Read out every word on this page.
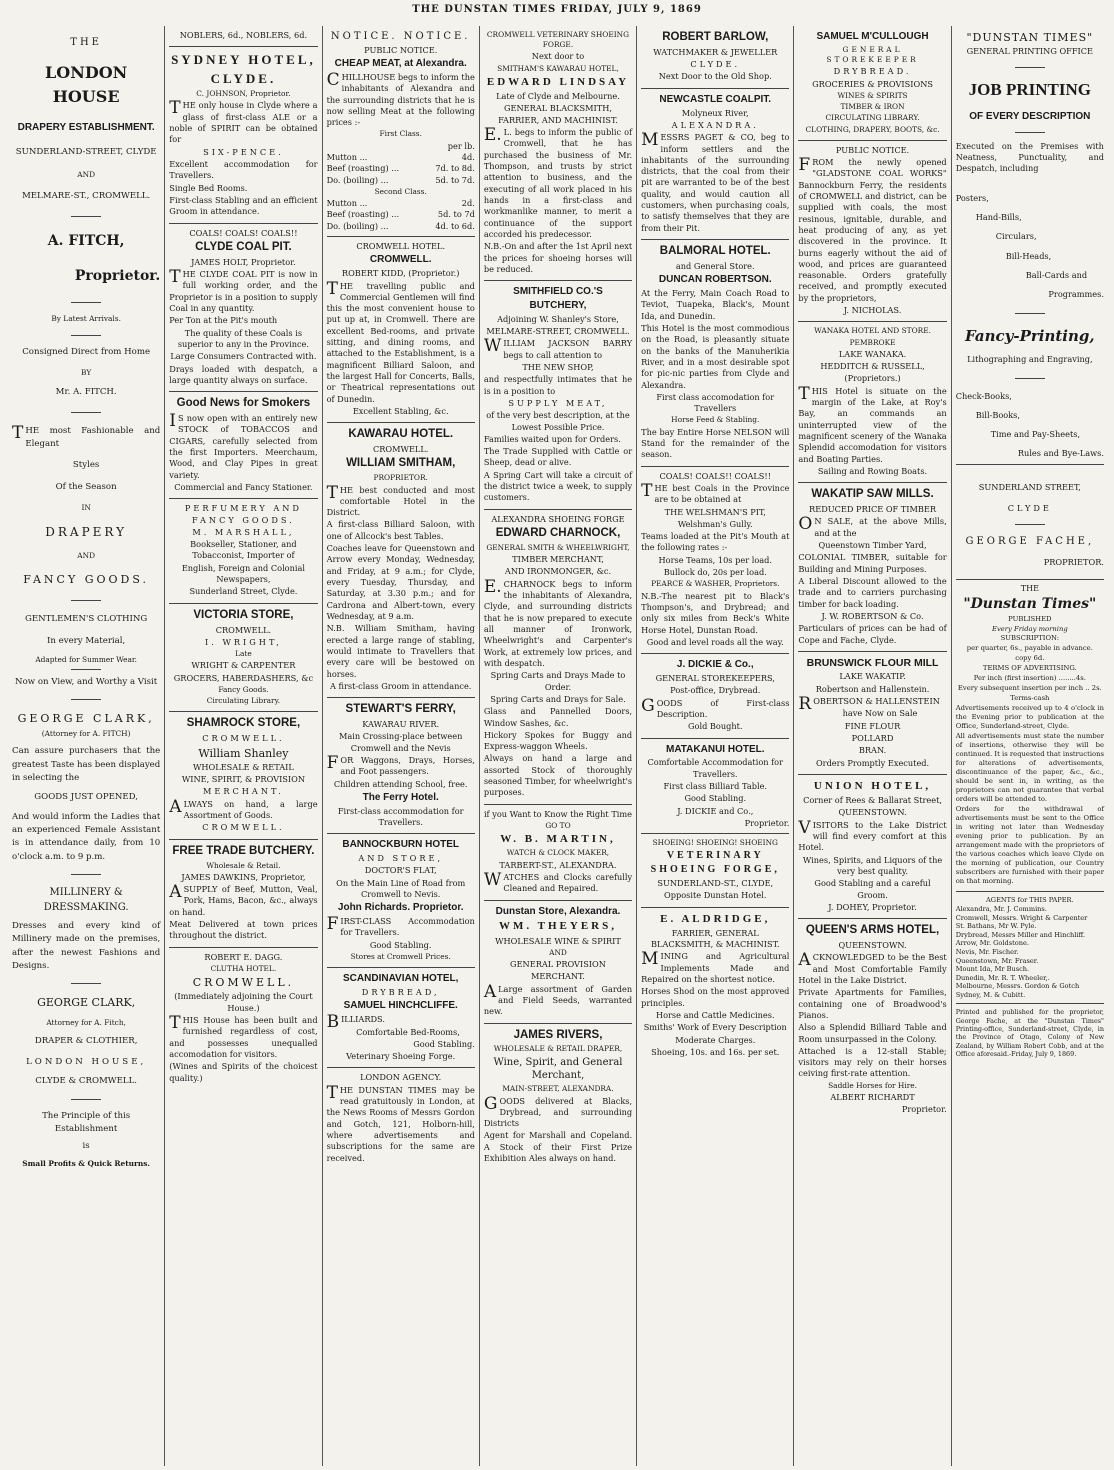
THE DUNSTAN TIMES FRIDAY, JULY 9, 1869

THE

LONDON HOUSE

DRAPERY ESTABLISHMENT.

SUNDERLAND-STREET, CLYDE

AND

MELMARE-ST., CROMWELL.

A. FITCH,

Proprietor.

By Latest Arrivals.

Consigned Direct from Home

BY

Mr. A. FITCH.

THE most Fashionable and Elegant

Styles

Of the Season

IN

DRAPERY

AND

FANCY GOODS.

GENTLEMEN'S CLOTHING

In every Material,

Adapted for Summer Wear.

Now on View, and Worthy a Visit

GEORGE CLARK,

(Attorney for A. FITCH)

Can assure purchasers that the greatest Taste has been displayed in selecting the

GOODS JUST OPENED,

And would inform the Ladies that an experienced Female Assistant is in attendance daily, from 10 o'clock a.m. to 9 p.m.

MILLINERY & DRESSMAKING.

Dresses and every kind of Millinery made on the premises, after the newest Fashions and Designs.

GEORGE CLARK,

Attorney for A. Fitch,

DRAPER & CLOTHIER,

LONDON HOUSE,

CLYDE & CROMWELL.

The Principle of this Establishment

is

Small Profits & Quick Returns.

NOBLERS, 6d., NOBLERS, 6d.

SYDNEY HOTEL,

CLYDE.

C. JOHNSON, Proprietor.

THE only house in Clyde where a glass of first-class ALE or a noble of SPIRIT can be obtained for

SIX-PENCE.

Excellent accommodation for Travellers.

Single Bed Rooms.

First-class Stabling and an efficient Groom in attendance.

COALS! COALS! COALS!!

CLYDE COAL PIT.

JAMES HOLT, Proprietor.

THE CLYDE COAL PIT is now in full working order, and the Proprietor is in a position to supply Coal in any quantity.

Per Ton at the Pit's mouth

The quality of these Coals is superior to any in the Province.

Large Consumers Contracted with.

Drays loaded with despatch, a large quantity always on surface.

Good News for Smokers

IS now open with an entirely new STOCK of TOBACCOS and CIGARS, carefully selected from the first Importers. Meerchaum, Wood, and Clay Pipes in great variety.

Commercial and Fancy Stationer.

PERFUMERY AND FANCY GOODS.

M. MARSHALL,

Bookseller, Stationer, and Tobacconist, Importer of

English, Foreign and Colonial Newspapers,

Sunderland Street, Clyde.

VICTORIA STORE,

CROMWELL.

I. WRIGHT,

Late

WRIGHT & CARPENTER

GROCERS, HABERDASHERS, &c

Fancy Goods.

Circulating Library.

SHAMROCK STORE,

CROMWELL.

William Shanley

WHOLESALE & RETAIL

WINE, SPIRIT, & PROVISION

MERCHANT.

ALWAYS on hand, a large Assortment of Goods.

CROMWELL.

FREE TRADE BUTCHERY.

Wholesale & Retail.

JAMES DAWKINS, Proprietor,

ASUPPLY of Beef, Mutton, Veal, Pork, Hams, Bacon, &c., always on hand.

Meat Delivered at town prices throughout the district.

ROBERT E. DAGG.

CLUTHA HOTEL.

CROMWELL.

(Immediately adjoining the Court House.)

THIS House has been built and furnished regardless of cost, and possesses unequalled accomodation for visitors.

(Wines and Spirits of the choicest quality.)

NOTICE. NOTICE.

PUBLIC NOTICE.

CHEAP MEAT, at Alexandra.

CHILLHOUSE begs to inform the inhabitants of Alexandra and the surrounding districts that he is now selling Meat at the following prices :-

First Class.

per lb.

Mutton ...	4d.
Beef (roasting) ...	7d. to 8d.
Do. (boiling) ...	5d. to 7d.

Second Class.

Mutton ...	2d.
Beef (roasting) ...	5d. to 7d
Do. (boiling) ...	4d. to 6d.

CROMWELL HOTEL.

CROMWELL.

ROBERT KIDD, (Proprietor.)

THE travelling public and Commercial Gentlemen will find this the most convenient house to put up at, in Cromwell. There are excellent Bed-rooms, and private sitting, and dining rooms, and attached to the Establishment, is a magnificent Billiard Saloon, and the largest Hall for Concerts, Balls, or Theatrical representations out of Dunedin.

Excellent Stabling, &c.

KAWARAU HOTEL.

CROMWELL.

WILLIAM SMITHAM,

PROPRIETOR.

THE best conducted and most comfortable Hotel in the District.

A first-class Billiard Saloon, with one of Allcock's best Tables.

Coaches leave for Queenstown and Arrow every Monday, Wednesday, and Friday, at 9 a.m.; for Clyde, every Tuesday, Thursday, and Saturday, at 3.30 p.m.; and for Cardrona and Albert-town, every Wednesday, at 9 a.m.

N.B. William Smitham, having erected a large range of stabling, would intimate to Travellers that every care will be bestowed on horses.

A first-class Groom in attendance.

STEWART'S FERRY,

KAWARAU RIVER.

Main Crossing-place between Cromwell and the Nevis

FOR Waggons, Drays, Horses, and Foot passengers.

Children attending School, free.

The Ferry Hotel.

First-class accommodation for Travellers.

BANNOCKBURN HOTEL

AND STORE,

DOCTOR'S FLAT,

On the Main Line of Road from Cromwell to Nevis.

John Richards. Proprietor.

FIRST-CLASS Accommodation for Travellers.

Good Stabling.

Stores at Cromwell Prices.

SCANDINAVIAN HOTEL,

DRYBREAD,

SAMUEL HINCHCLIFFE.

BILLIARDS.

Comfortable Bed-Rooms,

Good Stabling.

Veterinary Shoeing Forge.

LONDON AGENCY.

THE DUNSTAN TIMES may be read gratuitously in London, at the News Rooms of Messrs Gordon and Gotch, 121, Holborn-hill, where advertisements and subscriptions for the same are received.

CROMWELL VETERINARY SHOEING FORGE.

Next door to

SMITHAM'S KAWARAU HOTEL,

EDWARD LINDSAY

Late of Clyde and Melbourne.

GENERAL BLACKSMITH, FARRIER, AND MACHINIST.

E.L. begs to inform the public of Cromwell, that he has purchased the business of Mr. Thompson, and trusts by strict attention to business, and the executing of all work placed in his hands in a first-class and workmanlike manner, to merit a continuance of the support accorded his predecessor.

N.B.-On and after the 1st April next the prices for shoeing horses will be reduced.

SMITHFIELD CO.'S BUTCHERY,

Adjoining W. Shanley's Store,

MELMARE-STREET, CROMWELL.

WILLIAM JACKSON BARRY begs to call attention to

THE NEW SHOP,

and respectfully intimates that he is in a position to

SUPPLY MEAT,

of the very best description, at the Lowest Possible Price.

Families waited upon for Orders.

The Trade Supplied with Cattle or Sheep, dead or alive.

A Spring Cart will take a circuit of the district twice a week, to supply customers.

ALEXANDRA SHOEING FORGE

EDWARD CHARNOCK,

GENERAL SMITH & WHEELWRIGHT,

TIMBER MERCHANT,

AND IRONMONGER, &c.

E.CHARNOCK begs to inform the inhabitants of Alexandra, Clyde, and surrounding districts that he is now prepared to execute all manner of Ironwork, Wheelwright's and Carpenter's Work, at extremely low prices, and with despatch.

Spring Carts and Drays Made to Order.

Spring Carts and Drays for Sale.

Glass and Pannelled Doors, Window Sashes, &c.

Hickory Spokes for Buggy and Express-waggon Wheels.

Always on hand a large and assorted Stock of thoroughly seasoned Timber, for wheelwright's purposes.

if you Want to Know the Right Time

GO TO

W. B. MARTIN,

WATCH & CLOCK MAKER,

TARBERT-ST., ALEXANDRA.

WATCHES and Clocks carefully Cleaned and Repaired.

Dunstan Store, Alexandra.

WM. THEYERS,

WHOLESALE WINE & SPIRIT

AND

GENERAL PROVISION

MERCHANT.

ALarge assortment of Garden and Field Seeds, warranted new.

JAMES RIVERS,

WHOLESALE & RETAIL DRAPER,

Wine, Spirit, and General Merchant,

MAIN-STREET, ALEXANDRA.

GOODS delivered at Blacks, Drybread, and surrounding Districts

Agent for Marshall and Copeland. A Stock of their First Prize Exhibition Ales always on hand.

ROBERT BARLOW,

WATCHMAKER & JEWELLER

CLYDE.

Next Door to the Old Shop.

NEWCASTLE COALPIT.

Molyneux River,

ALEXANDRA.

MESSRS PAGET & CO, beg to inform settlers and the inhabitants of the surrounding districts, that the coal from their pit are warranted to be of the best quality, and would caution all customers, when purchasing coals, to satisfy themselves that they are from their Pit.

BALMORAL HOTEL.

and General Store.

DUNCAN ROBERTSON.

At the Ferry, Main Coach Road to Teviot, Tuapeka, Black's, Mount Ida, and Dunedin.

This Hotel is the most commodious on the Road, is pleasantly situate on the banks of the Manuherikia River, and in a most desirable spot for pic-nic parties from Clyde and Alexandra.

First class accomodation for Travellers

Horse Feed & Stabling.

The bay Entire Horse NELSON will Stand for the remainder of the season.

COALS! COALS!! COALS!!

THE best Coals in the Province are to be obtained at

THE WELSHMAN'S PIT,

Welshman's Gully.

Teams loaded at the Pit's Mouth at the following rates :-

Horse Teams, 10s per load.

Bullock do, 20s per load.

PEARCE & WASHER, Proprietors.

N.B.-The nearest pit to Black's Thompson's, and Drybread; and only six miles from Beck's White Horse Hotel, Dunstan Road.

Good and level roads all the way.

J. DICKIE & Co.,

GENERAL STOREKEEPERS,

Post-office, Drybread.

GOODS of First-class Description.

Gold Bought.

MATAKANUI HOTEL.

Comfortable Accommodation for Travellers.

First class Billiard Table.

Good Stabling.

J. DICKIE and Co.,

Proprietor.

SHOEING! SHOEING! SHOEING

VETERINARY SHOEING FORGE,

SUNDERLAND-ST., CLYDE,

Opposite Dunstan Hotel.

E. ALDRIDGE,

FARRIER, GENERAL BLACKSMITH, & MACHINIST.

MINING and Agricultural Implements Made and Repaired on the shortest notice.

Horses Shod on the most approved principles.

Horse and Cattle Medicines.

Smiths' Work of Every Description

Moderate Charges.

Shoeing, 10s. and 16s. per set.

SAMUEL M'CULLOUGH

GENERAL STOREKEEPER

DRYBREAD.

GROCERIES & PROVISIONS

WINES & SPIRITS

TIMBER & IRON

CIRCULATING LIBRARY.

CLOTHING, DRAPERY, BOOTS, &c.

PUBLIC NOTICE.

FROM the newly opened "GLADSTONE COAL WORKS" Bannockburn Ferry, the residents of CROMWELL and district, can be supplied with coals, the most resinous, ignitable, durable, and heat producing of any, as yet discovered in the province. It burns eagerly without the aid of wood, and prices are guaranteed reasonable. Orders gratefully received, and promptly executed by the proprietors,

J. NICHOLAS.

WANAKA HOTEL AND STORE.

PEMBROKE

LAKE WANAKA.

HEDDITCH & RUSSELL,

(Proprietors.)

THIS Hotel is situate on the margin of the Lake, at Roy's Bay, an commands an uninterrupted view of the magnificent scenery of the Wanaka Splendid accomodation for visitors and Boating Parties.

Sailing and Rowing Boats.

WAKATIP SAW MILLS.

REDUCED PRICE OF TIMBER

ON SALE, at the above Mills, and at the

Queenstown Timber Yard,

COLONIAL TIMBER, suitable for Building and Mining Purposes.

A Liberal Discount allowed to the trade and to carriers purchasing timber for back loading.

J. W. ROBERTSON & Co.

Particulars of prices can be had of Cope and Fache, Clyde.

BRUNSWICK FLOUR MILL

LAKE WAKATIP.

Robertson and Hallenstein.

ROBERTSON & HALLENSTEIN

have Now on Sale

FINE FLOUR

POLLARD

BRAN.

Orders Promptly Executed.

UNION HOTEL,

Corner of Rees & Ballarat Street,

QUEENSTOWN.

VISITORS to the Lake District will find every comfort at this Hotel.

Wines, Spirits, and Liquors of the very best quality.

Good Stabling and a careful Groom.

J. DOHEY, Proprietor.

QUEEN'S ARMS HOTEL,

QUEENSTOWN.

ACKNOWLEDGED to be the Best and Most Comfortable Family Hotel in the Lake District.

Private Apartments for Families, containing one of Broadwood's Pianos.

Also a Splendid Billiard Table and Room unsurpassed in the Colony.

Attached is a 12-stall Stable; visitors may rely on their horses ceiving first-rate attention.

Saddle Horses for Hire.

ALBERT RICHARDT

Proprietor.

"DUNSTAN TIMES"

GENERAL PRINTING OFFICE

JOB PRINTING

OF EVERY DESCRIPTION

Executed on the Premises with Neatness, Punctuality, and Despatch, including

Posters,

Hand-Bills,

Circulars,

Bill-Heads,

Ball-Cards and

Programmes.

Fancy-Printing,

Lithographing and Engraving,

Check-Books,

Bill-Books,

Time and Pay-Sheets,

Rules and Bye-Laws.

SUNDERLAND STREET,

CLYDE

GEORGE FACHE,

PROPRIETOR.

THE

"Dunstan Times"

PUBLISHED

Every Friday morning

SUBSCRIPTION:

per quarter, 6s., payable in advance.

copy 6d.

TERMS OF ADVERTISING.

Per inch (first insertion) ........4s.

Every subsequent insertion per inch .. 2s.

Terms-cash

Advertisements received up to 4 o'clock in the Evening prior to publication at the Office, Sunderland-street, Clyde.

All advertisements must state the number of insertions, otherwise they will be continued. It is requested that instructions for alterations of advertisements, discontinuance of the paper, &c., &c., should be sent in, in writing, as the proprietors can not guarantee that verbal orders will be attended to.

Orders for the withdrawal of advertisements must be sent to the Office in writing not later than Wednesday evening prior to publication. By an arrangement made with the proprietors of the various coaches which leave Clyde on the morning of publication, our Country subscribers are furnished with their paper on that morning.

AGENTS for THIS PAPER.

Alexandra, Mr. J. Commins.

Cromwell, Messrs. Wright & Carpenter

St. Bathans, Mr W. Pyle.

Drybread, Messrs Miller and Hinchliff.

Arrow, Mr. Goldstone.

Nevis, Mr. Fischer.

Queenstown, Mr. Fraser.

Mount Ida, Mr Busch.

Dunedin, Mr. R. T. Wheeler,.

Melbourne, Messrs. Gordon & Gotch

Sydney, M. & Cubitt.

Printed and published for the proprietor, George Fache, at the "Dunstan Times" Printing-office, Sunderland-street, Clyde, in the Province of Otago, Colony of New Zealand, by William Robert Cobb, and at the Office aforesaid.-Friday, July 9, 1869.
